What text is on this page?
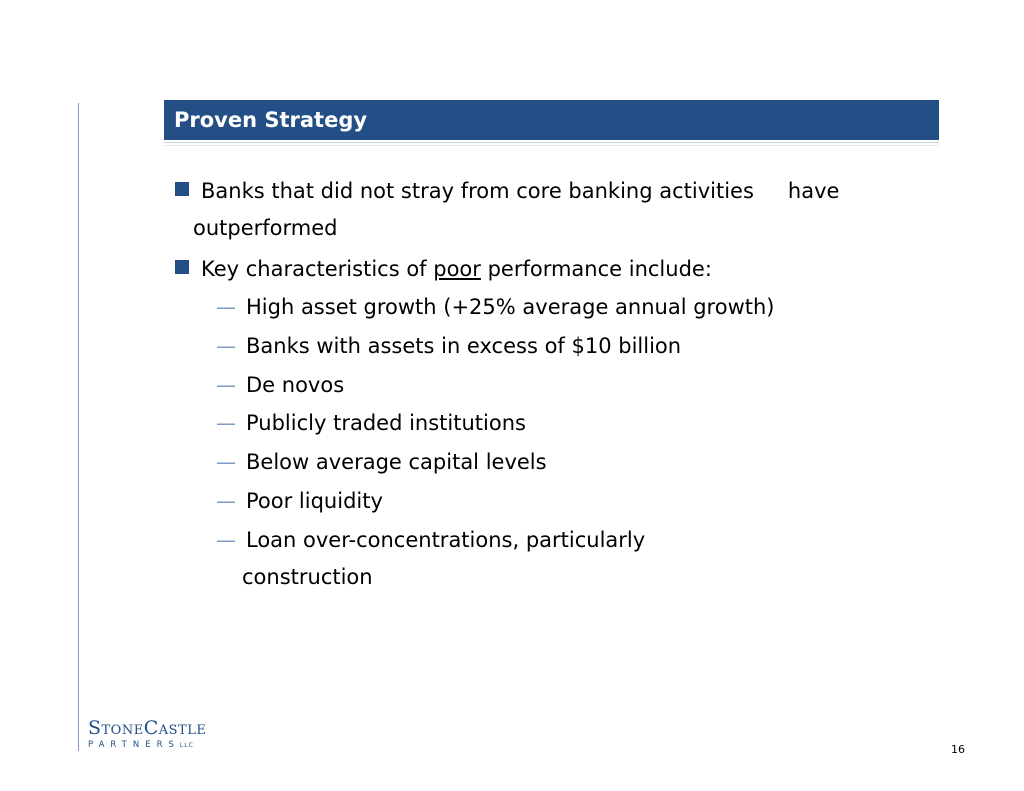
Proven Strategy
Banks that did not stray from core banking activities have
outperformed
Key characteristics of poor performance include:
— High asset growth (+25% average annual growth)
— Banks with assets in excess of $10 billion
— De novos
— Publicly traded institutions
— Below average capital levels
— Poor liquidity
— Loan over-concentrations, particularly
construction
StoneCastle
PARTNERSLLC	16
